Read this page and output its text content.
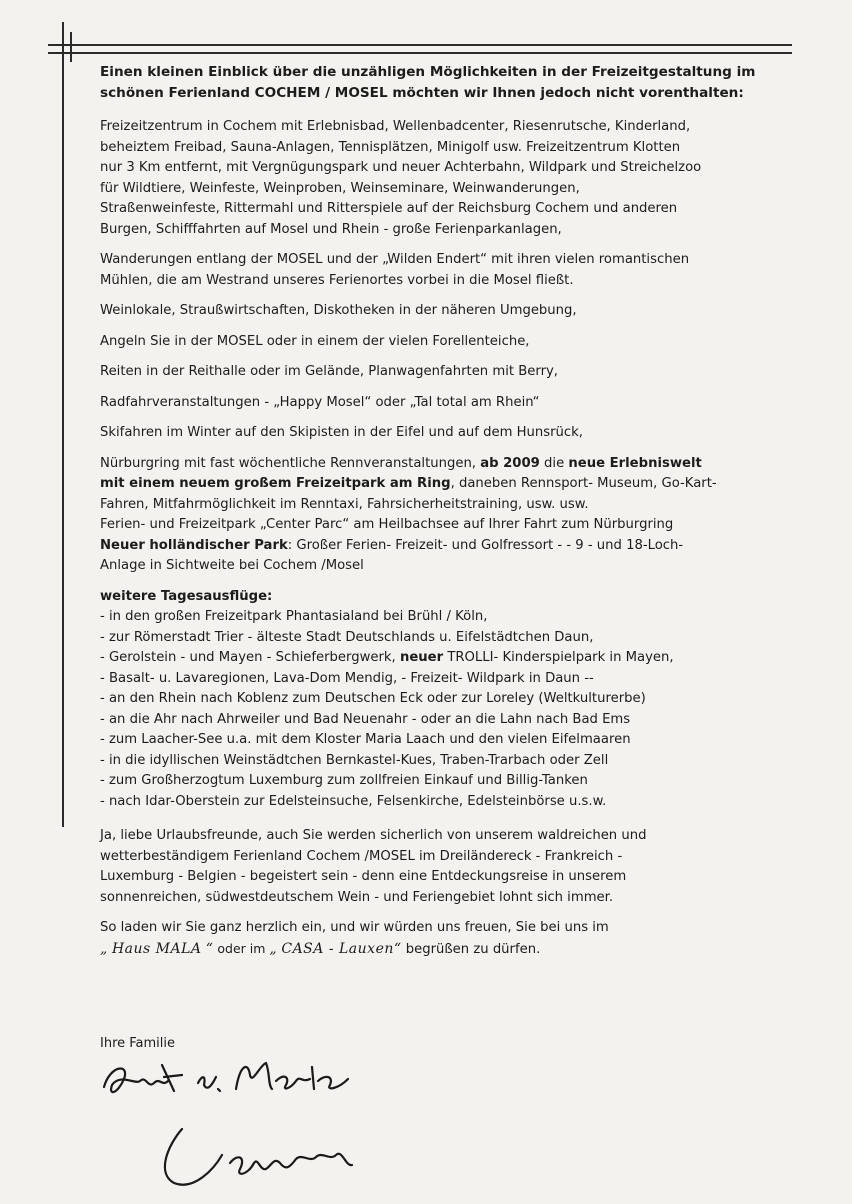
Einen kleinen Einblick über die unzähligen Möglichkeiten in der Freizeitgestaltung im
schönen Ferienland COCHEM / MOSEL möchten wir Ihnen jedoch nicht vorenthalten:
Freizeitzentrum in Cochem mit Erlebnisbad, Wellenbadcenter, Riesenrutsche, Kinderland,
beheiztem Freibad, Sauna-Anlagen, Tennisplätzen, Minigolf usw. Freizeitzentrum Klotten
nur 3 Km entfernt, mit Vergnügungspark und neuer Achterbahn, Wildpark und Streichelzoo
für Wildtiere, Weinfeste, Weinproben, Weinseminare, Weinwanderungen,
Straßenweinfeste, Rittermahl und Ritterspiele auf der Reichsburg Cochem und anderen
Burgen, Schifffahrten auf Mosel und Rhein - große Ferienparkanlagen,
Wanderungen entlang der MOSEL und der „Wilden Endert“ mit ihren vielen romantischen
Mühlen, die am Westrand unseres Ferienortes vorbei in die Mosel fließt.
Weinlokale, Straußwirtschaften, Diskotheken in der näheren Umgebung,
Angeln Sie in der MOSEL oder in einem der vielen Forellenteiche,
Reiten in der Reithalle oder im Gelände, Planwagenfahrten mit Berry,
Radfahrveranstaltungen - „Happy Mosel“ oder „Tal total am Rhein“
Skifahren im Winter auf den Skipisten in der Eifel und auf dem Hunsrück,
Nürburgring mit fast wöchentliche Rennveranstaltungen, ab 2009 die neue Erlebniswelt
mit einem neuem großem Freizeitpark am Ring, daneben Rennsport- Museum, Go-Kart-
Fahren, Mitfahrmöglichkeit im Renntaxi, Fahrsicherheitstraining, usw. usw.
Ferien- und Freizeitpark „Center Parc“ am Heilbachsee auf Ihrer Fahrt zum Nürburgring
Neuer holländischer Park: Großer Ferien- Freizeit- und Golfressort - - 9 - und 18-Loch-
Anlage in Sichtweite bei Cochem /Mosel
weitere Tagesausflüge:
- in den großen Freizeitpark Phantasialand bei Brühl / Köln,
- zur Römerstadt Trier - älteste Stadt Deutschlands u. Eifelstädtchen Daun,
- Gerolstein - und Mayen - Schieferbergwerk, neuer TROLLI- Kinderspielpark in Mayen,
- Basalt- u. Lavaregionen, Lava-Dom Mendig, - Freizeit- Wildpark in Daun --
- an den Rhein nach Koblenz zum Deutschen Eck oder zur Loreley (Weltkulturerbe)
- an die Ahr nach Ahrweiler und Bad Neuenahr - oder an die Lahn nach Bad Ems
- zum Laacher-See u.a. mit dem Kloster Maria Laach und den vielen Eifelmaaren
- in die idyllischen Weinstädtchen Bernkastel-Kues, Traben-Trarbach oder Zell
- zum Großherzogtum Luxemburg zum zollfreien Einkauf und Billig-Tanken
- nach Idar-Oberstein zur Edelsteinsuche, Felsenkirche, Edelsteinbörse u.s.w.
Ja, liebe Urlaubsfreunde, auch Sie werden sicherlich von unserem waldreichen und
wetterbeständigem Ferienland Cochem /MOSEL im Dreiländereck - Frankreich -
Luxemburg - Belgien - begeistert sein - denn eine Entdeckungsreise in unserem
sonnenreichen, südwestdeutschem Wein - und Feriengebiet lohnt sich immer.
So laden wir Sie ganz herzlich ein, und wir würden uns freuen, Sie bei uns im
„ Haus MALA “ oder im „ CASA - Lauxen“ begrüßen zu dürfen.
Ihre Familie
